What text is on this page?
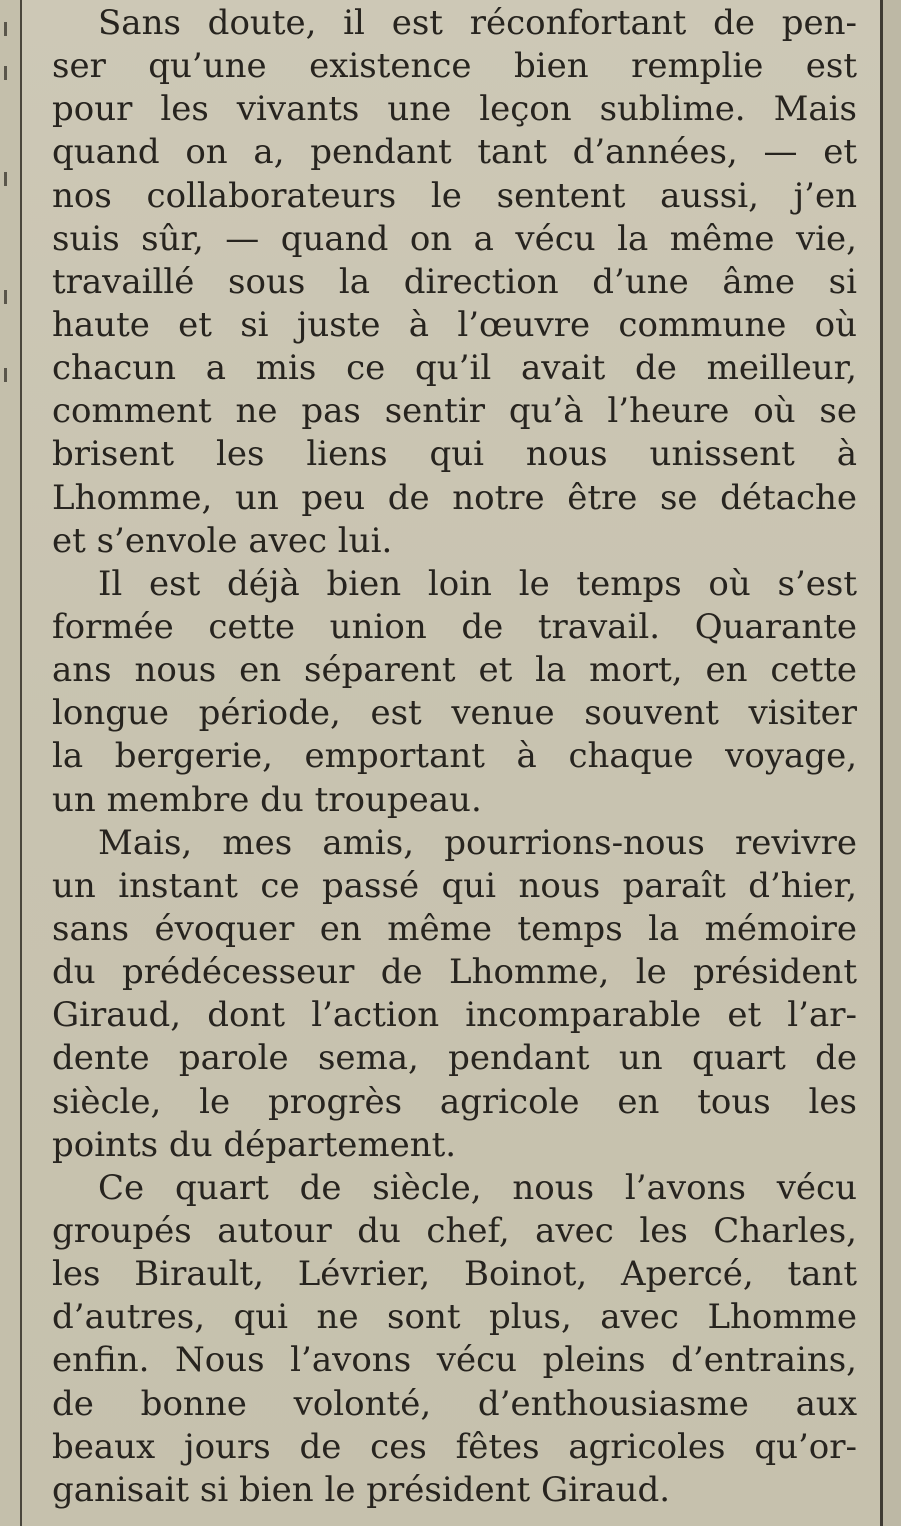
Sans doute, il est réconfortant de pen-
ser qu’une existence bien remplie est
pour les vivants une leçon sublime. Mais
quand on a, pendant tant d’années, — et
nos collaborateurs le sentent aussi, j’en
suis sûr, — quand on a vécu la même vie,
travaillé sous la direction d’une âme si
haute et si juste à l’œuvre commune où
chacun a mis ce qu’il avait de meilleur,
comment ne pas sentir qu’à l’heure où se
brisent les liens qui nous unissent à
Lhomme, un peu de notre être se détache
et s’envole avec lui.
Il est déjà bien loin le temps où s’est
formée cette union de travail. Quarante
ans nous en séparent et la mort, en cette
longue période, est venue souvent visiter
la bergerie, emportant à chaque voyage,
un membre du troupeau.
Mais, mes amis, pourrions-nous revivre
un instant ce passé qui nous paraît d’hier,
sans évoquer en même temps la mémoire
du prédécesseur de Lhomme, le président
Giraud, dont l’action incomparable et l’ar-
dente parole sema, pendant un quart de
siècle, le progrès agricole en tous les
points du département.
Ce quart de siècle, nous l’avons vécu
groupés autour du chef, avec les Charles,
les Birault, Lévrier, Boinot, Apercé, tant
d’autres, qui ne sont plus, avec Lhomme
enfin. Nous l’avons vécu pleins d’entrains,
de bonne volonté, d’enthousiasme aux
beaux jours de ces fêtes agricoles qu’or-
ganisait si bien le président Giraud.
